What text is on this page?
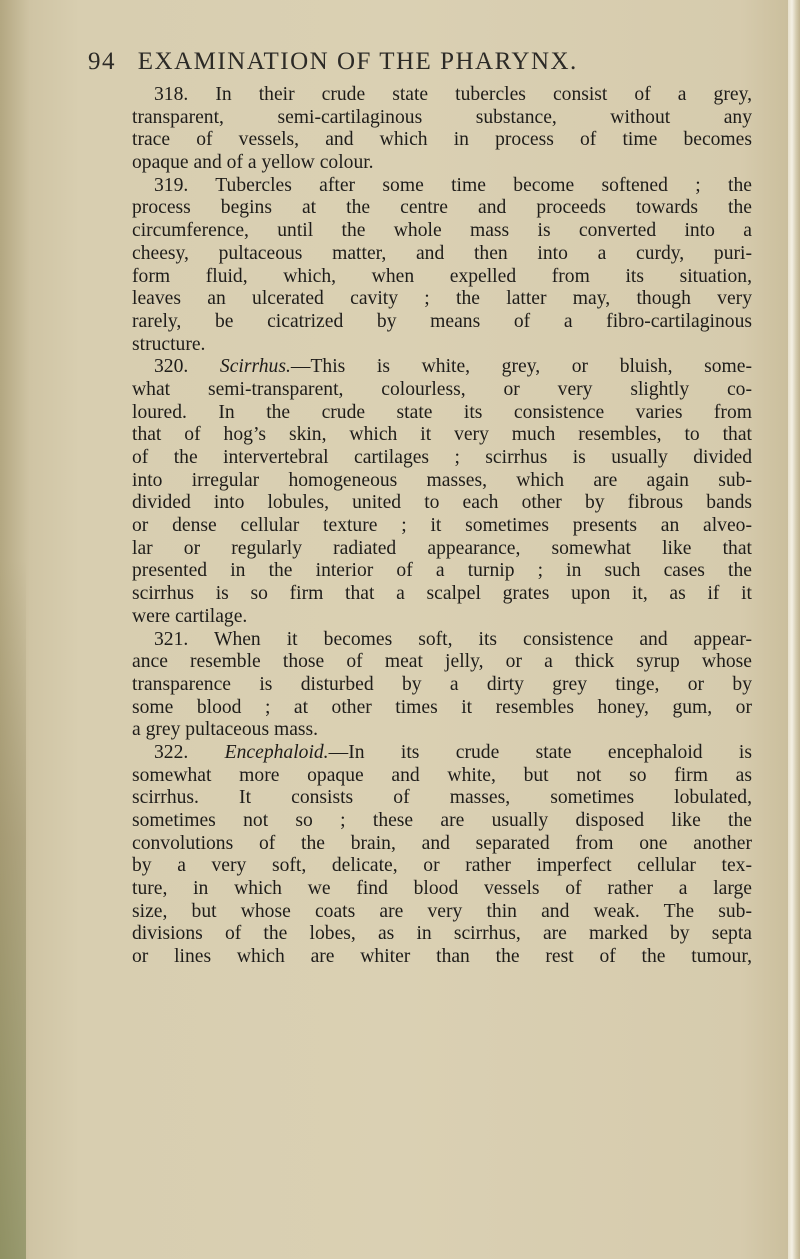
94 EXAMINATION OF THE PHARYNX.
318. In their crude state tubercles consist of a grey,
transparent, semi-cartilaginous substance, without any
trace of vessels, and which in process of time becomes
opaque and of a yellow colour.
319. Tubercles after some time become softened ; the
process begins at the centre and proceeds towards the
circumference, until the whole mass is converted into a
cheesy, pultaceous matter, and then into a curdy, puri-
form fluid, which, when expelled from its situation,
leaves an ulcerated cavity ; the latter may, though very
rarely, be cicatrized by means of a fibro-cartilaginous
structure.
320. Scirrhus.—This is white, grey, or bluish, some-
what semi-transparent, colourless, or very slightly co-
loured. In the crude state its consistence varies from
that of hog’s skin, which it very much resembles, to that
of the intervertebral cartilages ; scirrhus is usually divided
into irregular homogeneous masses, which are again sub-
divided into lobules, united to each other by fibrous bands
or dense cellular texture ; it sometimes presents an alveo-
lar or regularly radiated appearance, somewhat like that
presented in the interior of a turnip ; in such cases the
scirrhus is so firm that a scalpel grates upon it, as if it
were cartilage.
321. When it becomes soft, its consistence and appear-
ance resemble those of meat jelly, or a thick syrup whose
transparence is disturbed by a dirty grey tinge, or by
some blood ; at other times it resembles honey, gum, or
a grey pultaceous mass.
322. Encephaloid.—In its crude state encephaloid is
somewhat more opaque and white, but not so firm as
scirrhus. It consists of masses, sometimes lobulated,
sometimes not so ; these are usually disposed like the
convolutions of the brain, and separated from one another
by a very soft, delicate, or rather imperfect cellular tex-
ture, in which we find blood vessels of rather a large
size, but whose coats are very thin and weak. The sub-
divisions of the lobes, as in scirrhus, are marked by septa
or lines which are whiter than the rest of the tumour,
